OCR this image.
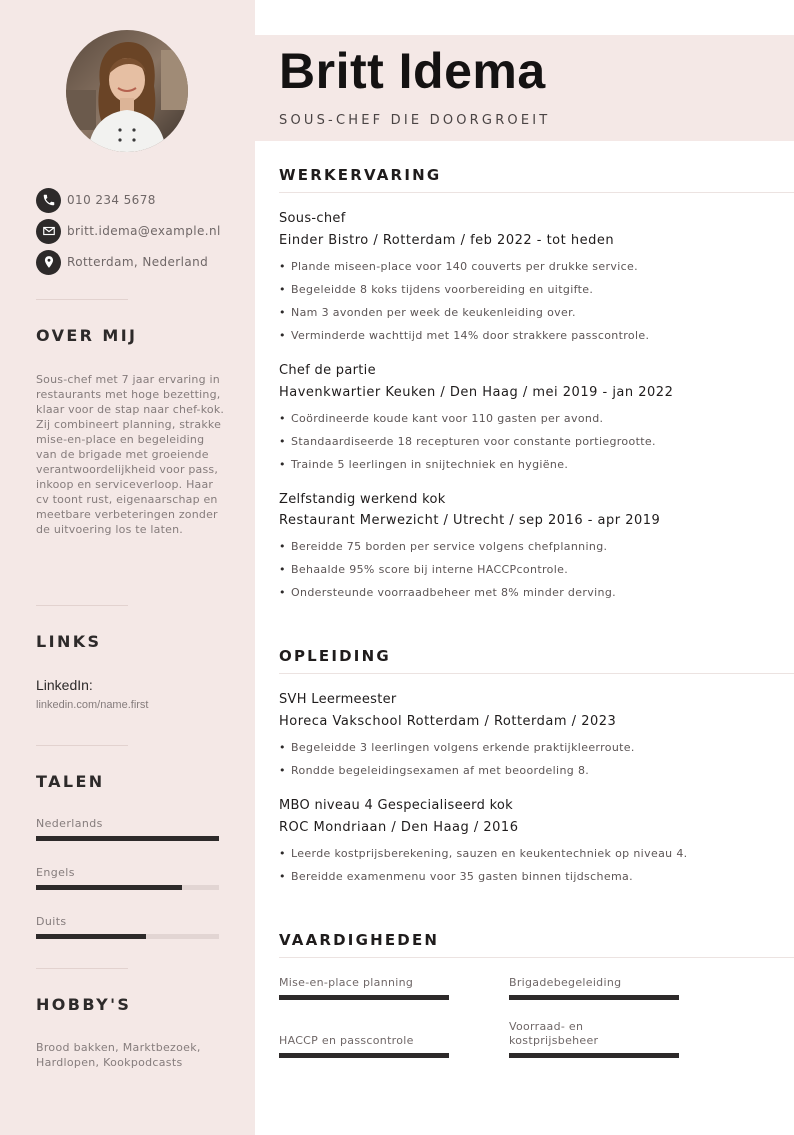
010 234 5678
britt.idema@example.nl
Rotterdam, Nederland
OVER MIJ

Sous-chef met 7 jaar ervaring in restaurants met hoge bezetting, klaar voor de stap naar chef-kok. Zij combineert planning, strakke mise-en-place en begeleiding van de brigade met groeiende verantwoordelijkheid voor pass, inkoop en serviceverloop. Haar cv toont rust, eigenaarschap en meetbare verbeteringen zonder de uitvoering los te laten.

LINKS
LinkedIn:
linkedin.com/name.first
TALEN
Nederlands
Engels
Duits
HOBBY'S

Brood bakken, Marktbezoek, Hardlopen, Kookpodcasts

Britt Idema
SOUS-CHEF DIE DOORGROEIT
WERKERVARING
Sous-chef
Einder Bistro / Rotterdam / feb 2022 - tot heden
• Plande miseen-place voor 140 couverts per drukke service.
• Begeleidde 8 koks tijdens voorbereiding en uitgifte.
• Nam 3 avonden per week de keukenleiding over.
• Verminderde wachttijd met 14% door strakkere passcontrole.
Chef de partie
Havenkwartier Keuken / Den Haag / mei 2019 - jan 2022
• Coördineerde koude kant voor 110 gasten per avond.
• Standaardiseerde 18 recepturen voor constante portiegrootte.
• Trainde 5 leerlingen in snijtechniek en hygiëne.
Zelfstandig werkend kok
Restaurant Merwezicht / Utrecht / sep 2016 - apr 2019
• Bereidde 75 borden per service volgens chefplanning.
• Behaalde 95% score bij interne HACCPcontrole.
• Ondersteunde voorraadbeheer met 8% minder derving.
OPLEIDING
SVH Leermeester
Horeca Vakschool Rotterdam / Rotterdam / 2023
• Begeleidde 3 leerlingen volgens erkende praktijkleerroute.
• Rondde begeleidingsexamen af met beoordeling 8.
MBO niveau 4 Gespecialiseerd kok
ROC Mondriaan / Den Haag / 2016
• Leerde kostprijsberekening, sauzen en keukentechniek op niveau 4.
• Bereidde examenmenu voor 35 gasten binnen tijdschema.
VAARDIGHEDEN
Mise-en-place planning	Brigadebegeleiding
HACCP en passcontrole
Voorraad- en kostprijsbeheer
